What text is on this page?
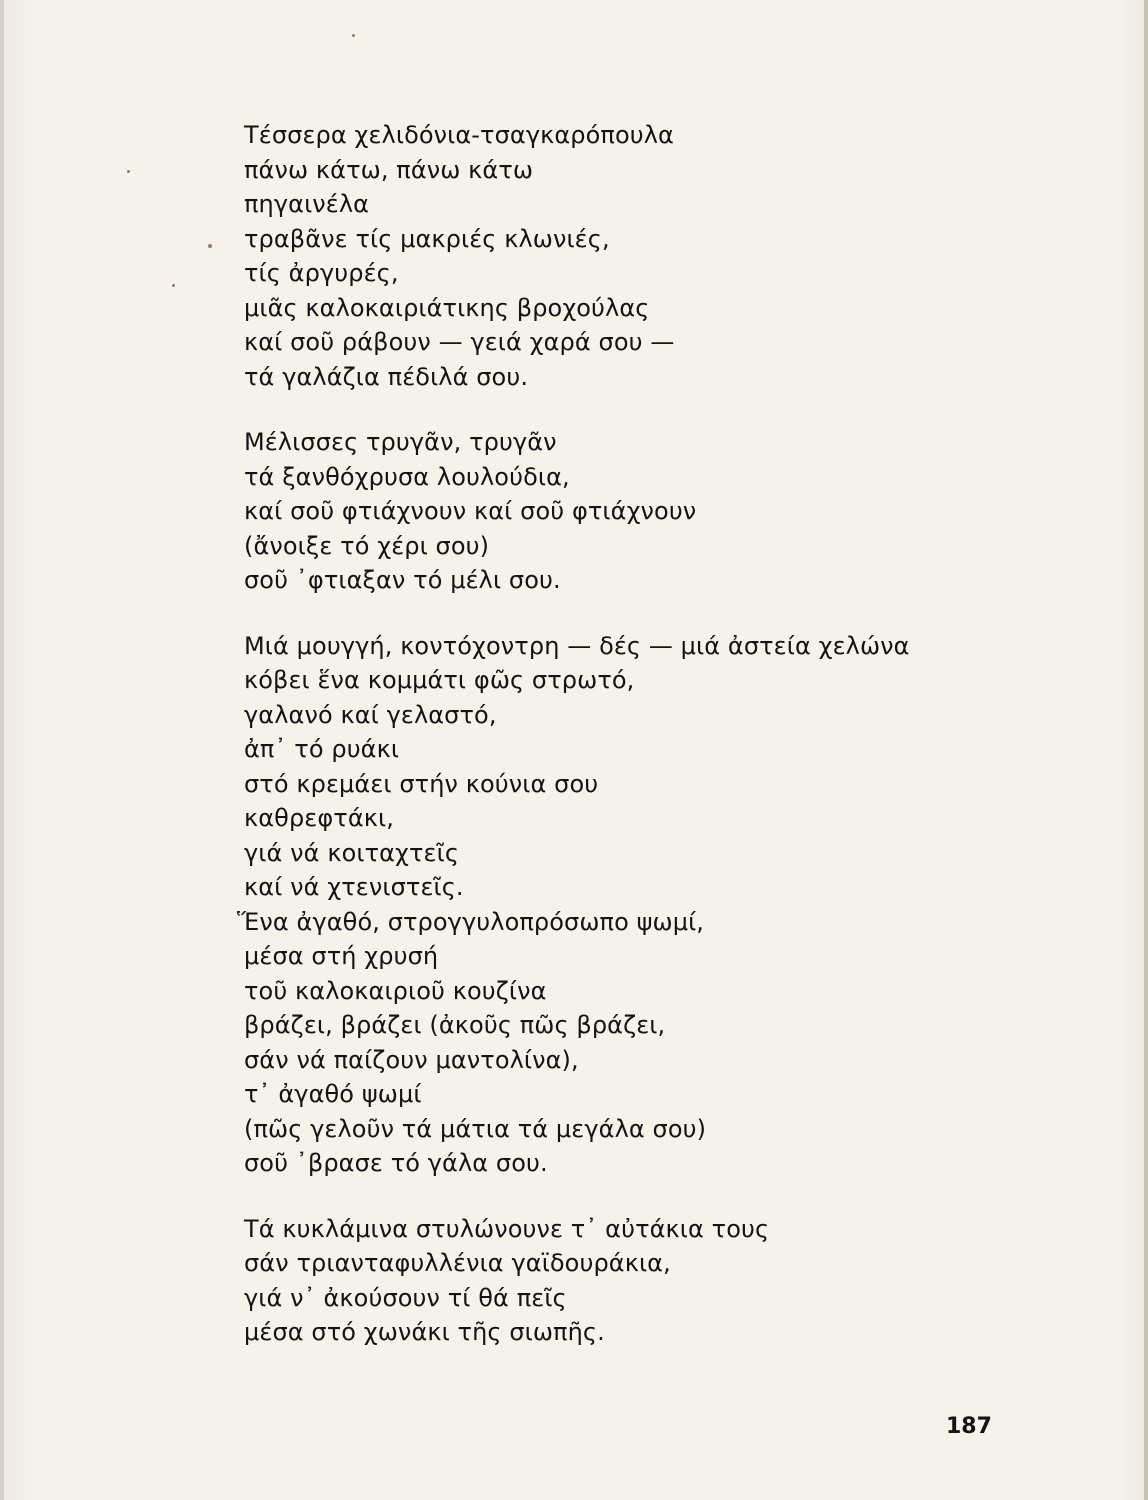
Τέσσερα χελιδόνια-τσαγκαρόπουλα
πάνω κάτω, πάνω κάτω
πηγαινέλα
τραβᾶνε τίς μακριές κλωνιές,
τίς ἀργυρές,
μιᾶς καλοκαιριάτικης βροχούλας
καί σοῦ ράβουν — γειά χαρά σου —
τά γαλάζια πέδιλά σου.
Μέλισσες τρυγᾶν, τρυγᾶν
τά ξανθόχρυσα λουλούδια,
καί σοῦ φτιάχνουν καί σοῦ φτιάχνουν
(ἄνοιξε τό χέρι σου)
σοῦ ᾿φτιαξαν τό μέλι σου.
Μιά μουγγή, κοντόχοντρη — δές — μιά ἀστεία χελώνα
κόβει ἕνα κομμάτι φῶς στρωτό,
γαλανό καί γελαστό,
ἀπ᾿ τό ρυάκι
στό κρεμάει στήν κούνια σου
καθρεφτάκι,
γιά νά κοιταχτεῖς
καί νά χτενιστεῖς.
Ἕνα ἀγαθό, στρογγυλοπρόσωπο ψωμί,
μέσα στή χρυσή
τοῦ καλοκαιριοῦ κουζίνα
βράζει, βράζει (ἀκοῦς πῶς βράζει,
σάν νά παίζουν μαντολίνα),
τ᾿ ἀγαθό ψωμί
(πῶς γελοῦν τά μάτια τά μεγάλα σου)
σοῦ ᾿βρασε τό γάλα σου.
Τά κυκλάμινα στυλώνουνε τ᾿ αὐτάκια τους
σάν τριανταφυλλένια γαϊδουράκια,
γιά ν᾿ ἀκούσουν τί θά πεῖς
μέσα στό χωνάκι τῆς σιωπῆς.
187
